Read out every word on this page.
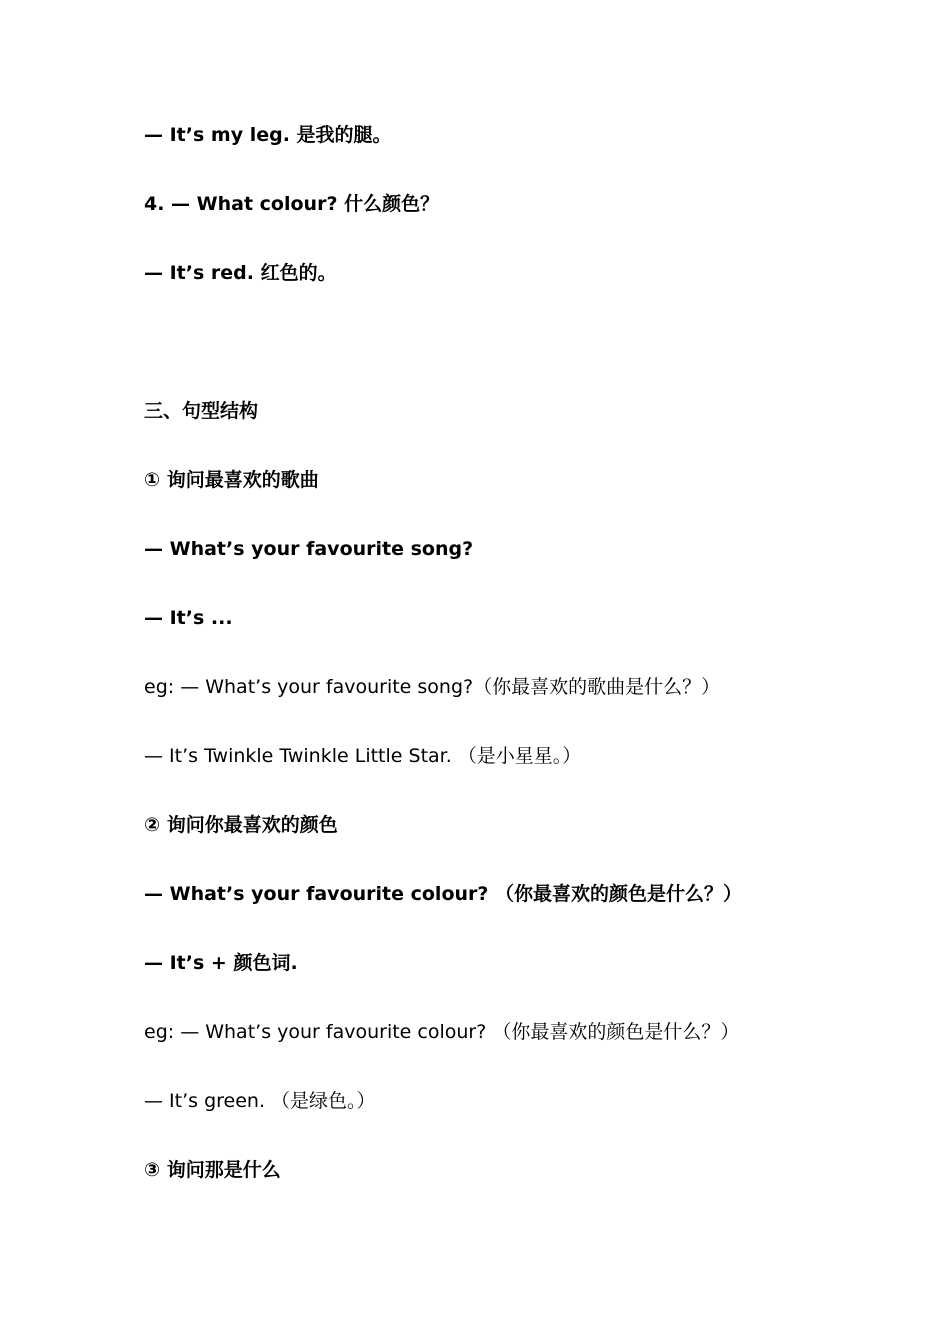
— It’s my leg. 是我的腿。
4. — What colour? 什么颜色？
— It’s red. 红色的。
三、句型结构
① 询问最喜欢的歌曲
— What’s your favourite song?
— It’s ...
eg: — What’s your favourite song?（你最喜欢的歌曲是什么？）
— It’s Twinkle Twinkle Little Star. （是小星星。）
② 询问你最喜欢的颜色
— What’s your favourite colour? （你最喜欢的颜色是什么？）
— It’s + 颜色词.
eg: — What’s your favourite colour? （你最喜欢的颜色是什么？）
— It’s green. （是绿色。）
③ 询问那是什么
